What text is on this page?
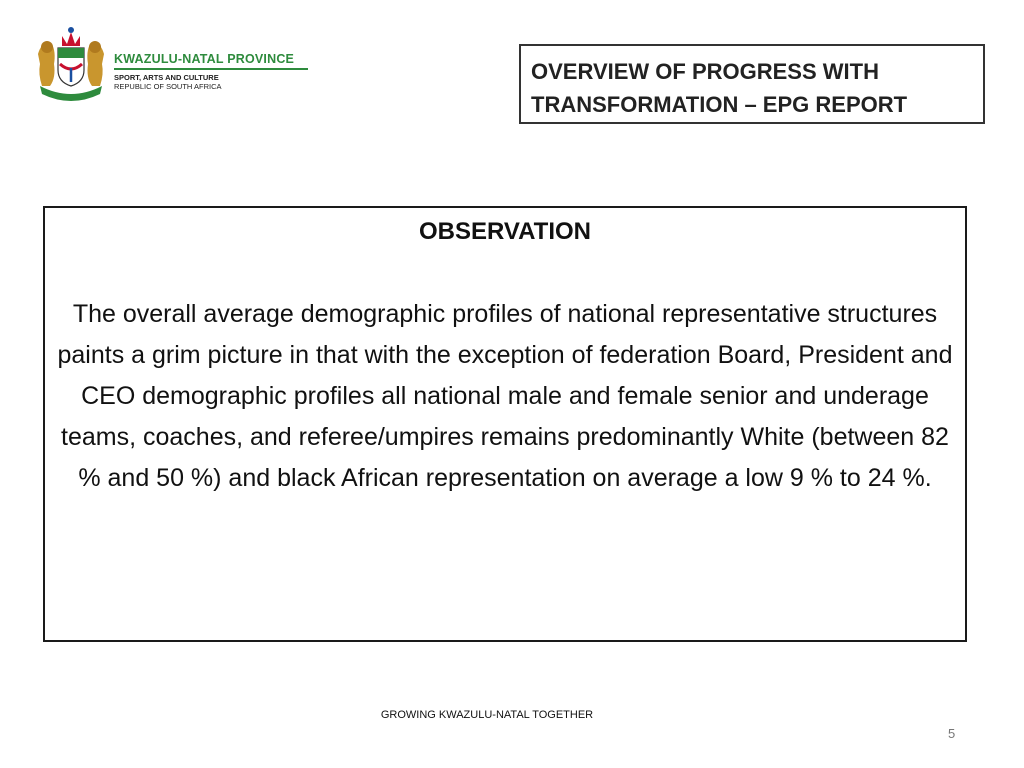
KWAZULU-NATAL PROVINCE
SPORT, ARTS AND CULTURE
REPUBLIC OF SOUTH AFRICA
OVERVIEW OF PROGRESS WITH
TRANSFORMATION – EPG REPORT
OBSERVATION
The overall average demographic profiles of national representative structures paints a grim picture in that with the exception of federation Board, President and CEO demographic profiles all national male and female senior and underage teams, coaches, and referee/umpires remains predominantly White (between 82 % and 50 %) and black African representation on average a low 9 % to 24 %.
GROWING KWAZULU-NATAL TOGETHER
5
